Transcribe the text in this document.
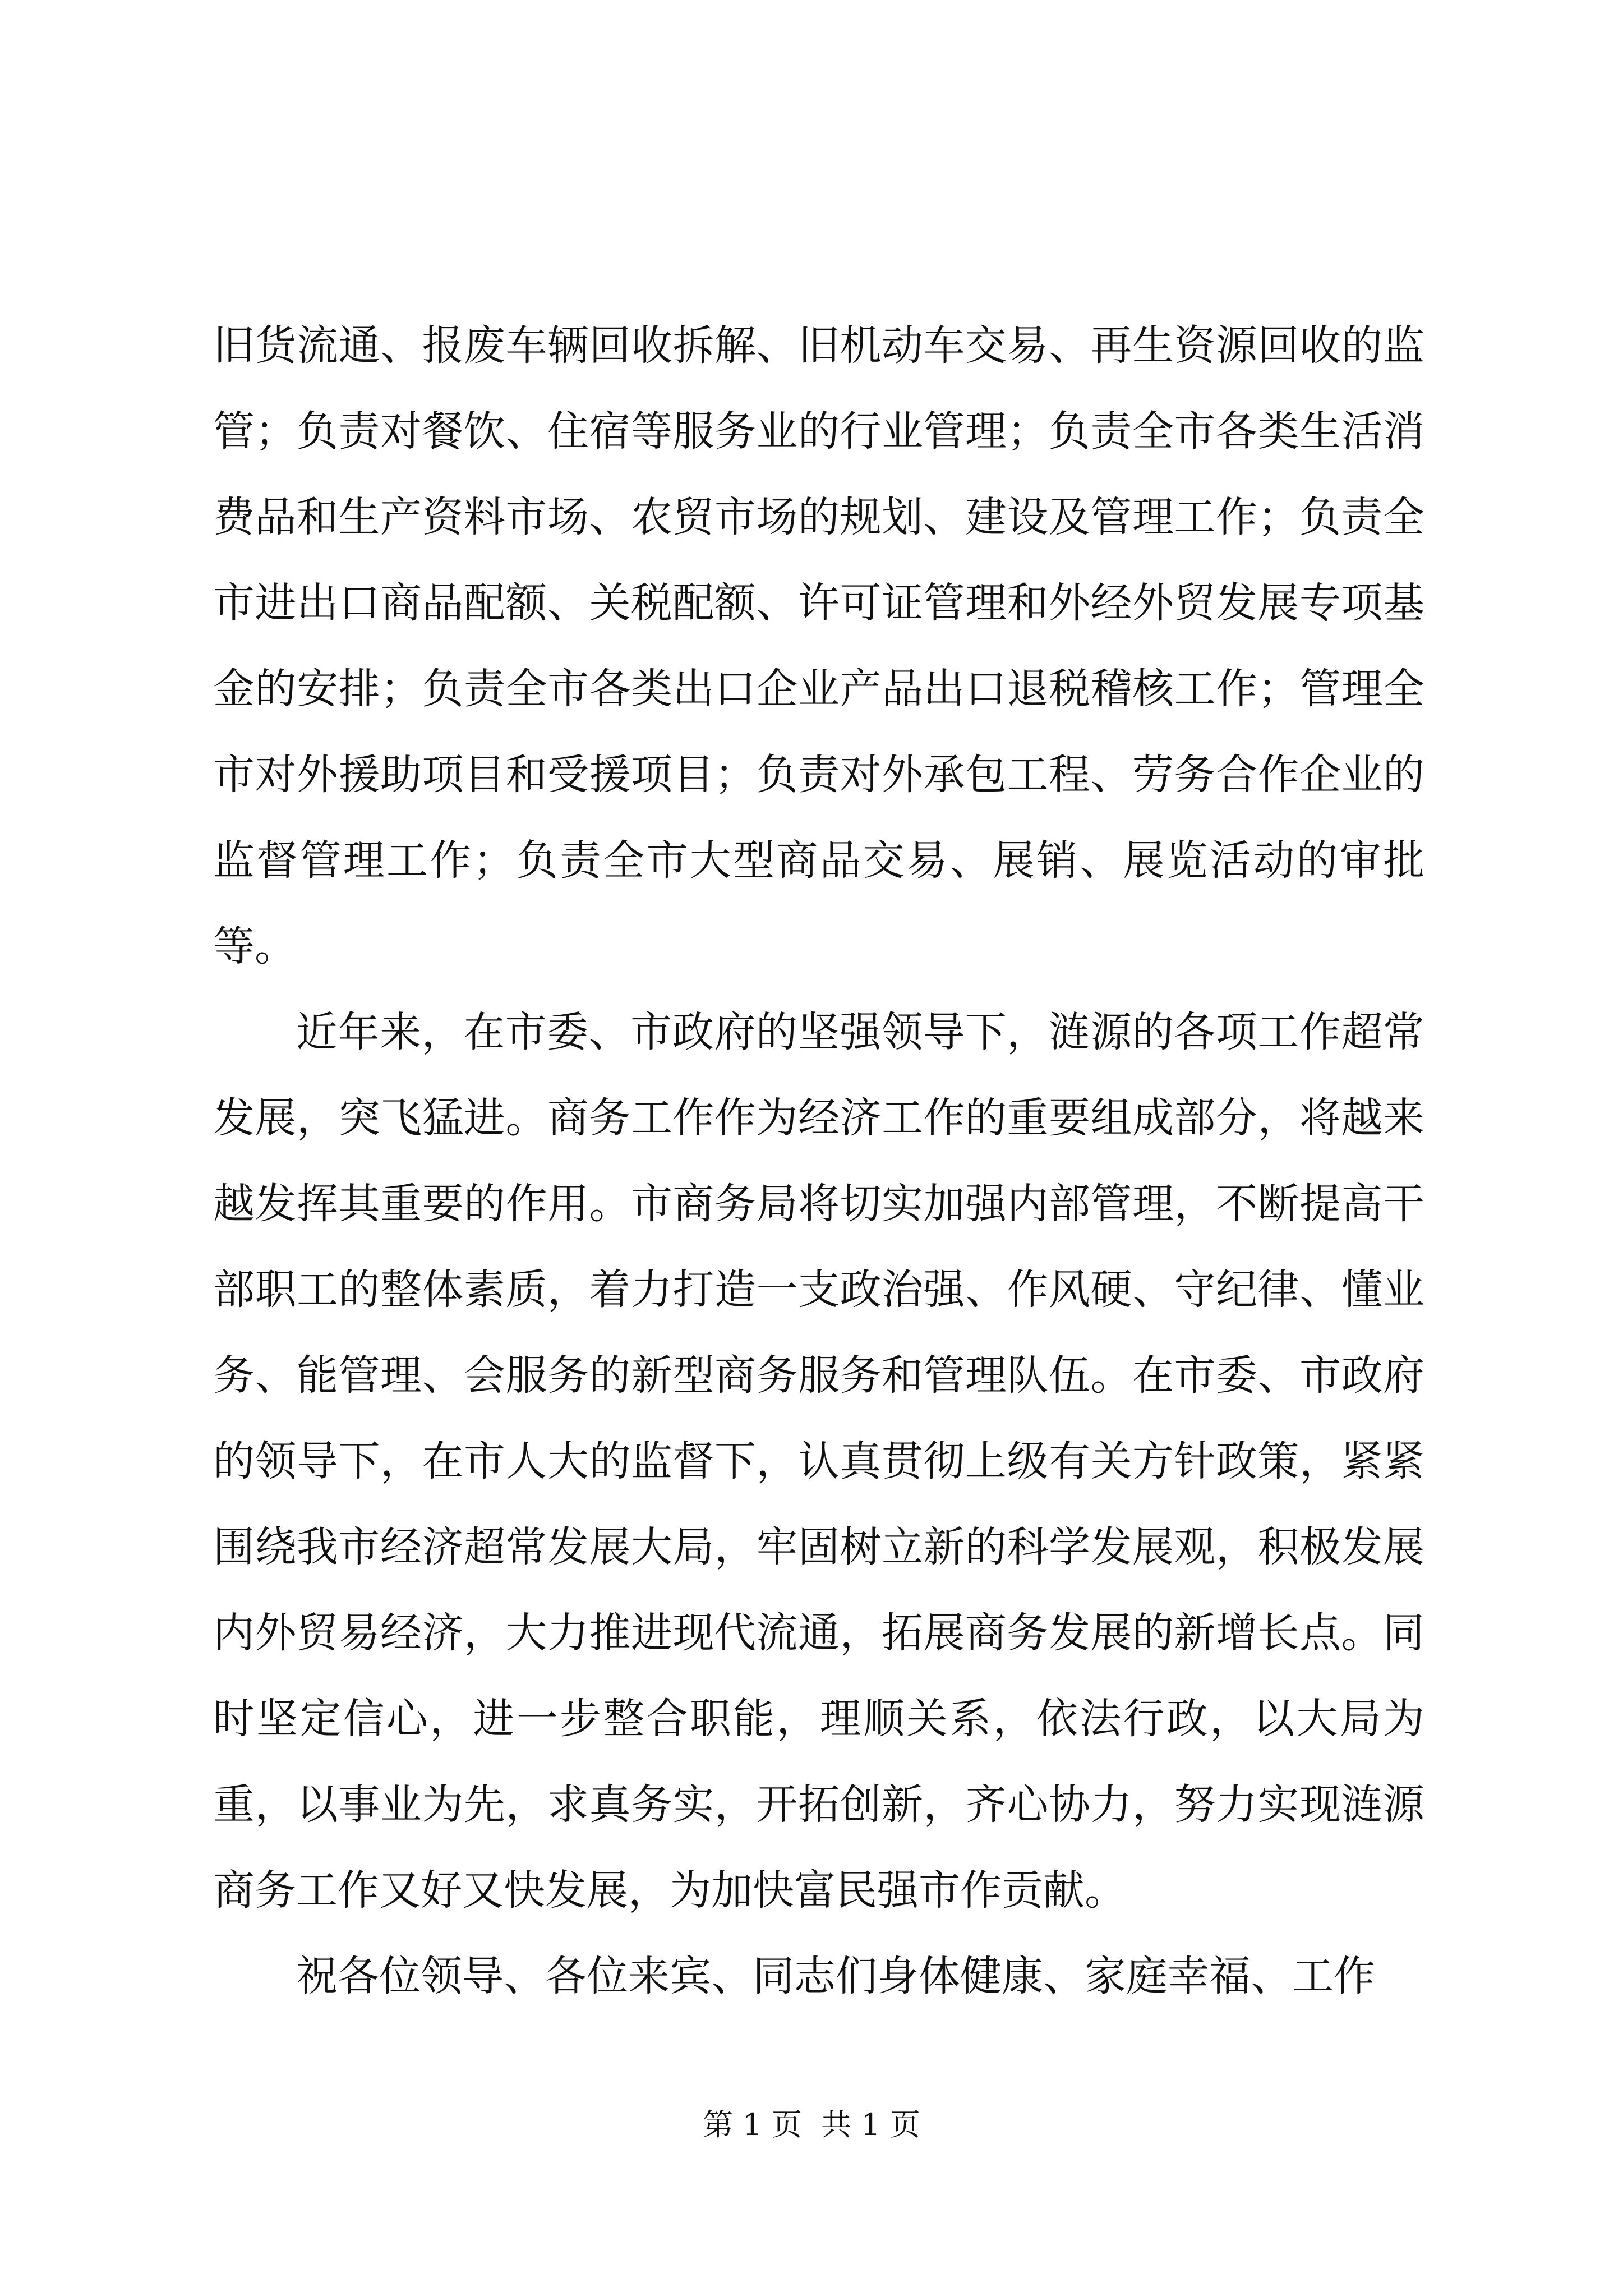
旧货流通、报废车辆回收拆解、旧机动车交易、再生资源回收的监管；负责对餐饮、住宿等服务业的行业管理；负责全市各类生活消费品和生产资料市场、农贸市场的规划、建设及管理工作；负责全市进出口商品配额、关税配额、许可证管理和外经外贸发展专项基金的安排；负责全市各类出口企业产品出口退税稽核工作；管理全市对外援助项目和受援项目；负责对外承包工程、劳务合作企业的监督管理工作；负责全市大型商品交易、展销、展览活动的审批等。

近年来，在市委、市政府的坚强领导下，涟源的各项工作超常发展，突飞猛进。商务工作作为经济工作的重要组成部分，将越来越发挥其重要的作用。市商务局将切实加强内部管理，不断提高干部职工的整体素质，着力打造一支政治强、作风硬、守纪律、懂业务、能管理、会服务的新型商务服务和管理队伍。在市委、市政府的领导下，在市人大的监督下，认真贯彻上级有关方针政策，紧紧围绕我市经济超常发展大局，牢固树立新的科学发展观，积极发展内外贸易经济，大力推进现代流通，拓展商务发展的新增长点。同时坚定信心，进一步整合职能，理顺关系，依法行政，以大局为重，以事业为先，求真务实，开拓创新，齐心协力，努力实现涟源商务工作又好又快发展，为加快富民强市作贡献。

祝各位领导、各位来宾、同志们身体健康、家庭幸福、工作

第 1 页  共 1 页
